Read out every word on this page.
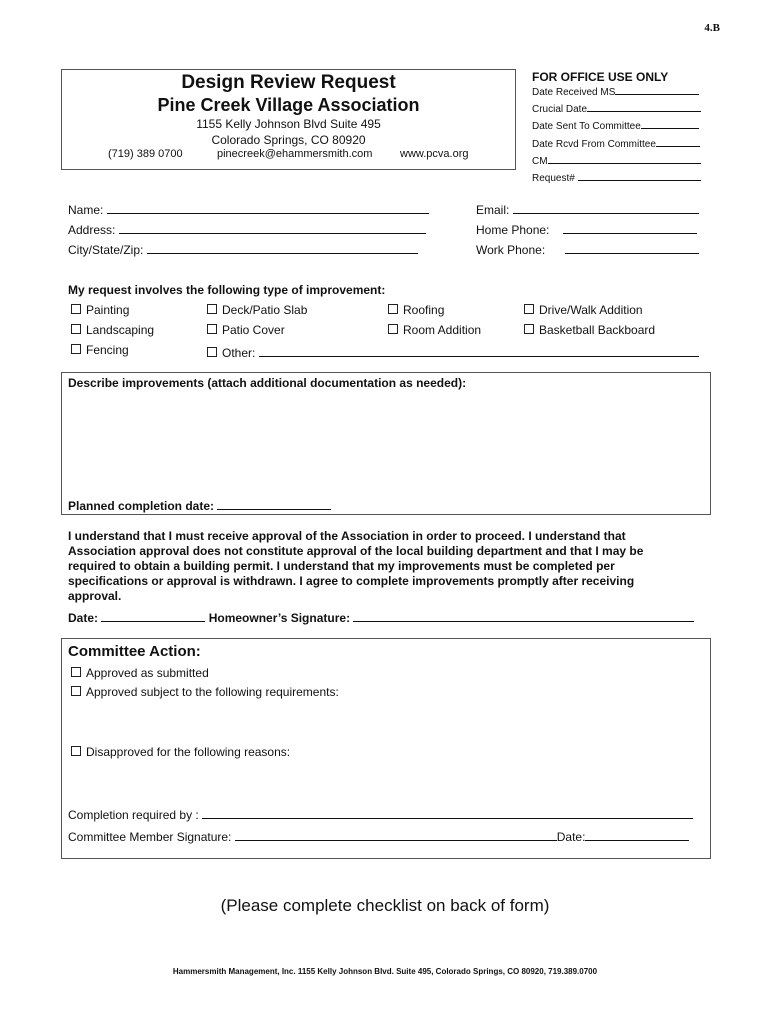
4.B
Design Review Request
Pine Creek Village Association
1155 Kelly Johnson Blvd Suite 495
Colorado Springs, CO 80920
(719) 389 0700	pinecreek@ehammersmith.com	www.pcva.org
FOR OFFICE USE ONLY
Date Received MS
Crucial Date
Date Sent To Committee
Date Rcvd From Committee
CM
Request#
Name:
Address:
City/State/Zip:
Email:
Home Phone:
Work Phone:
My request involves the following type of improvement:
Painting
Landscaping
Fencing
Deck/Patio Slab
Patio Cover
Other:
Roofing
Room Addition
Drive/Walk Addition
Basketball Backboard
Describe improvements (attach additional documentation as needed):
Planned completion date:
I understand that I must receive approval of the Association in order to proceed. I understand that Association approval does not constitute approval of the local building department and that I may be required to obtain a building permit. I understand that my improvements must be completed per specifications or approval is withdrawn. I agree to complete improvements promptly after receiving approval.
Date:	Homeowner’s Signature:
Committee Action:
Approved as submitted
Approved subject to the following requirements:
Disapproved for the following reasons:
Completion required by :
Committee Member Signature:	Date:
(Please complete checklist on back of form)
Hammersmith Management, Inc. 1155 Kelly Johnson Blvd. Suite 495, Colorado Springs, CO 80920, 719.389.0700
